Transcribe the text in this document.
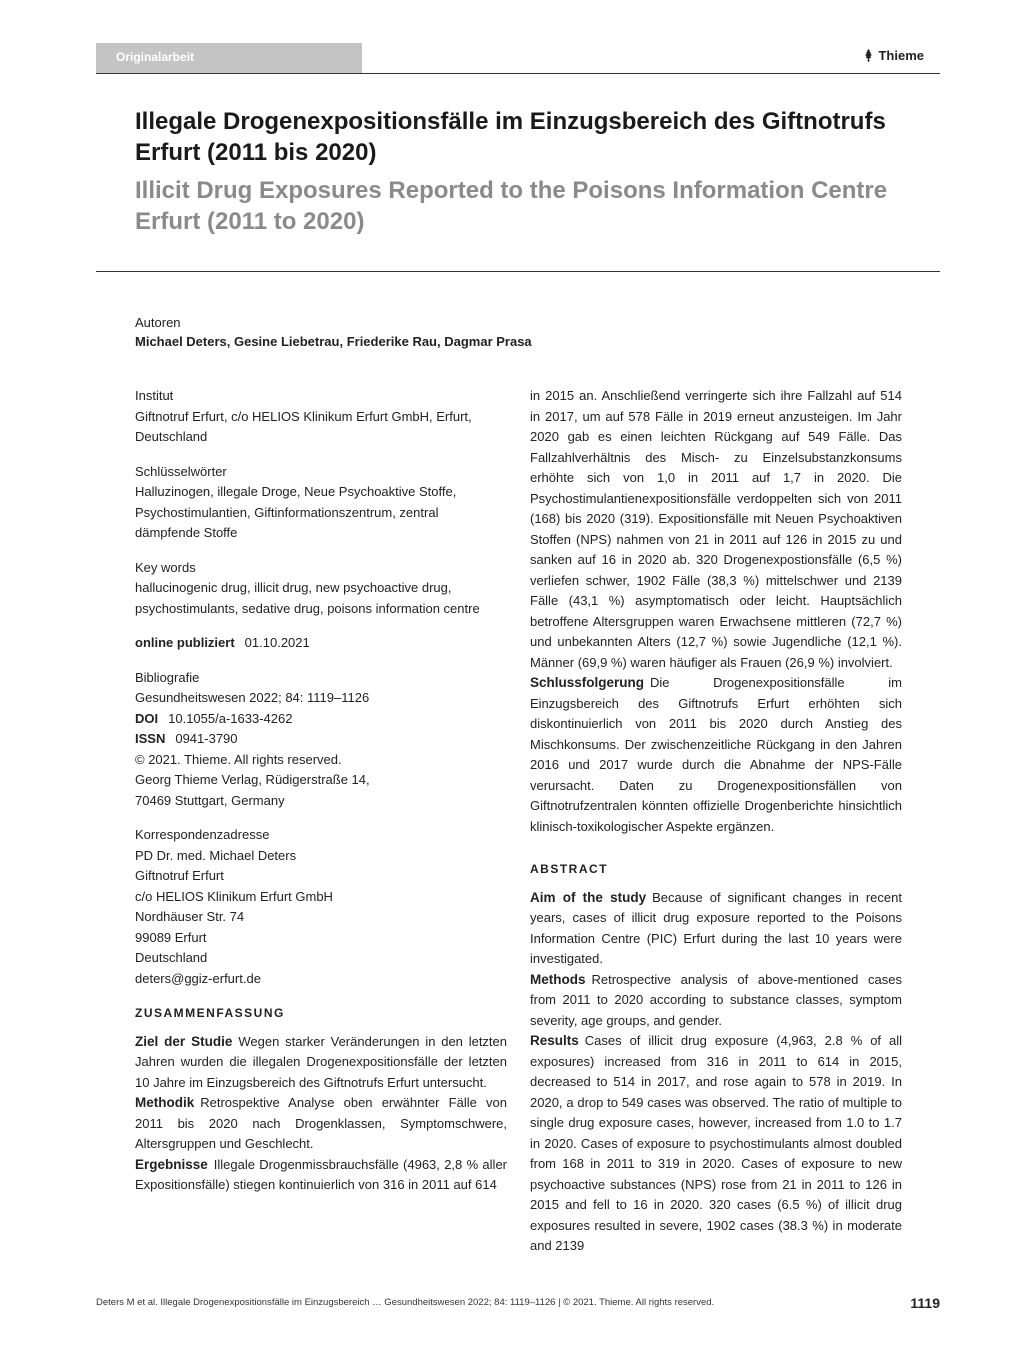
Originalarbeit	Thieme
Illegale Drogenexpositionsfälle im Einzugsbereich des Giftnotrufs Erfurt (2011 bis 2020)
Illicit Drug Exposures Reported to the Poisons Information Centre Erfurt (2011 to 2020)
Autoren
Michael Deters, Gesine Liebetrau, Friederike Rau, Dagmar Prasa
Institut
Giftnotruf Erfurt, c/o HELIOS Klinikum Erfurt GmbH, Erfurt, Deutschland
Schlüsselwörter
Halluzinogen, illegale Droge, Neue Psychoaktive Stoffe, Psychostimulantien, Giftinformationszentrum, zentral dämpfende Stoffe
Key words
hallucinogenic drug, illicit drug, new psychoactive drug, psychostimulants, sedative drug, poisons information centre
online publiziert 01.10.2021
Bibliografie
Gesundheitswesen 2022; 84: 1119–1126
DOI 10.1055/a-1633-4262
ISSN 0941-3790
© 2021. Thieme. All rights reserved.
Georg Thieme Verlag, Rüdigerstraße 14,
70469 Stuttgart, Germany
Korrespondenzadresse
PD Dr. med. Michael Deters
Giftnotruf Erfurt
c/o HELIOS Klinikum Erfurt GmbH
Nordhäuser Str. 74
99089 Erfurt
Deutschland
deters@ggiz-erfurt.de
ZUSAMMENFASSUNG

Ziel der Studie Wegen starker Veränderungen in den letzten Jahren wurden die illegalen Drogenexpositionsfälle der letzten 10 Jahre im Einzugsbereich des Giftnotrufs Erfurt untersucht.

Methodik Retrospektive Analyse oben erwähnter Fälle von 2011 bis 2020 nach Drogenklassen, Symptomschwere, Altersgruppen und Geschlecht.

Ergebnisse Illegale Drogenmissbrauchsfälle (4963, 2,8 % aller Expositionsfälle) stiegen kontinuierlich von 316 in 2011 auf 614

in 2015 an. Anschließend verringerte sich ihre Fallzahl auf 514 in 2017, um auf 578 Fälle in 2019 erneut anzusteigen. Im Jahr 2020 gab es einen leichten Rückgang auf 549 Fälle. Das Fallzahlverhältnis des Misch- zu Einzelsubstanzkonsums erhöhte sich von 1,0 in 2011 auf 1,7 in 2020. Die Psychostimulantienexpositionsfälle verdoppelten sich von 2011 (168) bis 2020 (319). Expositionsfälle mit Neuen Psychoaktiven Stoffen (NPS) nahmen von 21 in 2011 auf 126 in 2015 zu und sanken auf 16 in 2020 ab. 320 Drogenexpostionsfälle (6,5 %) verliefen schwer, 1902 Fälle (38,3 %) mittelschwer und 2139 Fälle (43,1 %) asymptomatisch oder leicht. Hauptsächlich betroffene Altersgruppen waren Erwachsene mittleren (72,7 %) und unbekannten Alters (12,7 %) sowie Jugendliche (12,1 %). Männer (69,9 %) waren häufiger als Frauen (26,9 %) involviert.

Schlussfolgerung Die Drogenexpositionsfälle im Einzugsbereich des Giftnotrufs Erfurt erhöhten sich diskontinuierlich von 2011 bis 2020 durch Anstieg des Mischkonsums. Der zwischenzeitliche Rückgang in den Jahren 2016 und 2017 wurde durch die Abnahme der NPS-Fälle verursacht. Daten zu Drogenexpositionsfällen von Giftnotrufzentralen könnten offizielle Drogenberichte hinsichtlich klinisch-toxikologischer Aspekte ergänzen.

ABSTRACT

Aim of the study Because of significant changes in recent years, cases of illicit drug exposure reported to the Poisons Information Centre (PIC) Erfurt during the last 10 years were investigated.

Methods Retrospective analysis of above-mentioned cases from 2011 to 2020 according to substance classes, symptom severity, age groups, and gender.

Results Cases of illicit drug exposure (4,963, 2.8 % of all exposures) increased from 316 in 2011 to 614 in 2015, decreased to 514 in 2017, and rose again to 578 in 2019. In 2020, a drop to 549 cases was observed. The ratio of multiple to single drug exposure cases, however, increased from 1.0 to 1.7 in 2020. Cases of exposure to psychostimulants almost doubled from 168 in 2011 to 319 in 2020. Cases of exposure to new psychoactive substances (NPS) rose from 21 in 2011 to 126 in 2015 and fell to 16 in 2020. 320 cases (6.5 %) of illicit drug exposures resulted in severe, 1902 cases (38.3 %) in moderate and 2139

Deters M et al. Illegale Drogenexpositionsfälle im Einzugsbereich … Gesundheitswesen 2022; 84: 1119–1126 | © 2021. Thieme. All rights reserved.	1119
